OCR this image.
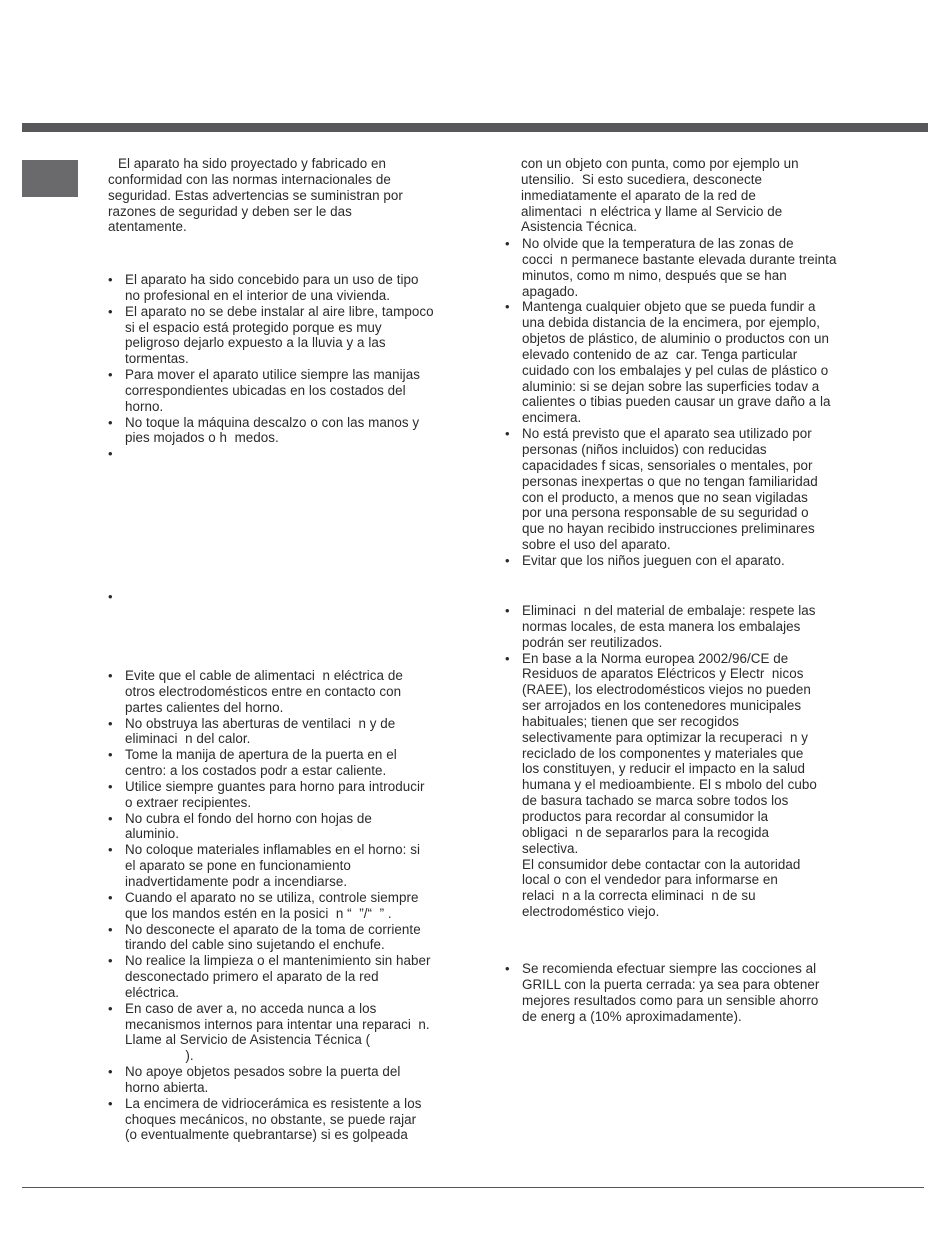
El aparato ha sido proyectado y fabricado en
conformidad con las normas internacionales de
seguridad. Estas advertencias se suministran por
razones de seguridad y deben ser le das
atentamente.
• El aparato ha sido concebido para un uso de tipo
no profesional en el interior de una vivienda.
• El aparato no se debe instalar al aire libre, tampoco
si el espacio está protegido porque es muy
peligroso dejarlo expuesto a la lluvia y a las
tormentas.
• Para mover el aparato utilice siempre las manijas
correspondientes ubicadas en los costados del
horno.
• No toque la máquina descalzo o con las manos y
pies mojados o h  medos.
•
•
• Evite que el cable de alimentaci  n eléctrica de
otros electrodomésticos entre en contacto con
partes calientes del horno.
• No obstruya las aberturas de ventilaci  n y de
eliminaci  n del calor.
• Tome la manija de apertura de la puerta en el
centro: a los costados podr a estar caliente.
• Utilice siempre guantes para horno para introducir
o extraer recipientes.
• No cubra el fondo del horno con hojas de
aluminio.
• No coloque materiales inflamables en el horno: si
el aparato se pone en funcionamiento
inadvertidamente podr a incendiarse.
• Cuando el aparato no se utiliza, controle siempre
que los mandos estén en la posici  n “  ”/“  ” .
• No desconecte el aparato de la toma de corriente
tirando del cable sino sujetando el enchufe.
• No realice la limpieza o el mantenimiento sin haber
desconectado primero el aparato de la red
eléctrica.
• En caso de aver a, no acceda nunca a los
mecanismos internos para intentar una reparaci  n.
Llame al Servicio de Asistencia Técnica (
).
• No apoye objetos pesados sobre la puerta del
horno abierta.
• La encimera de vidriocerámica es resistente a los
choques mecánicos, no obstante, se puede rajar
(o eventualmente quebrantarse) si es golpeada
con un objeto con punta, como por ejemplo un
utensilio.  Si esto sucediera, desconecte
inmediatamente el aparato de la red de
alimentaci  n eléctrica y llame al Servicio de
Asistencia Técnica.
• No olvide que la temperatura de las zonas de
cocci  n permanece bastante elevada durante treinta
minutos, como m nimo, después que se han
apagado.
• Mantenga cualquier objeto que se pueda fundir a
una debida distancia de la encimera, por ejemplo,
objetos de plástico, de aluminio o productos con un
elevado contenido de az  car. Tenga particular
cuidado con los embalajes y pel culas de plástico o
aluminio: si se dejan sobre las superficies todav a
calientes o tibias pueden causar un grave daño a la
encimera.
• No está previsto que el aparato sea utilizado por
personas (niños incluidos) con reducidas
capacidades f sicas, sensoriales o mentales, por
personas inexpertas o que no tengan familiaridad
con el producto, a menos que no sean vigiladas
por una persona responsable de su seguridad o
que no hayan recibido instrucciones preliminares
sobre el uso del aparato.
• Evitar que los niños jueguen con el aparato.
• Eliminaci  n del material de embalaje: respete las
normas locales, de esta manera los embalajes
podrán ser reutilizados.
• En base a la Norma europea 2002/96/CE de
Residuos de aparatos Eléctricos y Electr  nicos
(RAEE), los electrodomésticos viejos no pueden
ser arrojados en los contenedores municipales
habituales; tienen que ser recogidos
selectivamente para optimizar la recuperaci  n y
reciclado de los componentes y materiales que
los constituyen, y reducir el impacto en la salud
humana y el medioambiente. El s mbolo del cubo
de basura tachado se marca sobre todos los
productos para recordar al consumidor la
obligaci  n de separarlos para la recogida
selectiva.
El consumidor debe contactar con la autoridad
local o con el vendedor para informarse en
relaci  n a la correcta eliminaci  n de su
electrodoméstico viejo.
• Se recomienda efectuar siempre las cocciones al
GRILL con la puerta cerrada: ya sea para obtener
mejores resultados como para un sensible ahorro
de energ a (10% aproximadamente).
